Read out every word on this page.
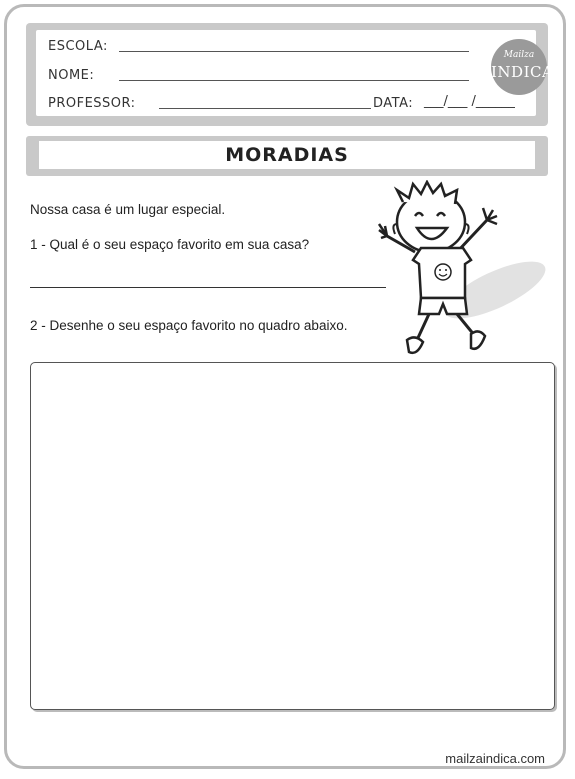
ESCOLA:
NOME:
PROFESSOR:	DATA: ___/___ /______
Mailza
INDICA
MORADIAS
Nossa casa é um lugar especial.
1 - Qual é o seu espaço favorito em sua casa?
2 - Desenhe o seu espaço favorito no quadro abaixo.
mailzaindica.com
